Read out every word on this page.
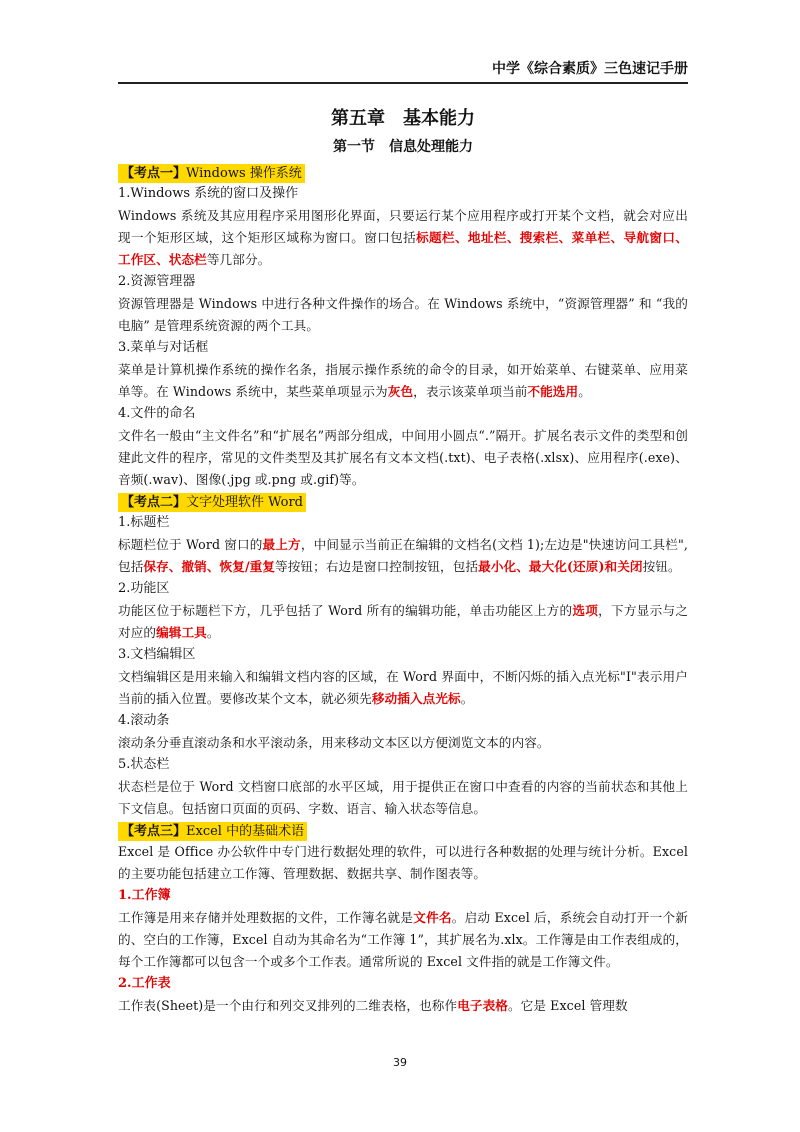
中学《综合素质》三色速记手册
第五章　基本能力
第一节　信息处理能力
【考点一】Windows 操作系统
1.Windows 系统的窗口及操作
Windows 系统及其应用程序采用图形化界面，只要运行某个应用程序或打开某个文档，就会对应出现一个矩形区域，这个矩形区域称为窗口。窗口包括标题栏、地址栏、搜索栏、菜单栏、导航窗口、工作区、状态栏等几部分。
2.资源管理器
资源管理器是 Windows 中进行各种文件操作的场合。在 Windows 系统中，“资源管理器” 和 “我的电脑” 是管理系统资源的两个工具。
3.菜单与对话框
菜单是计算机操作系统的操作名条，指展示操作系统的命令的目录，如开始菜单、右键菜单、应用菜单等。在 Windows 系统中，某些菜单项显示为灰色，表示该菜单项当前不能选用。
4.文件的命名
文件名一般由“主文件名”和“扩展名”两部分组成，中间用小圆点“.”隔开。扩展名表示文件的类型和创建此文件的程序，常见的文件类型及其扩展名有文本文档(.txt)、电子表格(.xlsx)、应用程序(.exe)、音频(.wav)、图像(.jpg 或.png 或.gif)等。
【考点二】文字处理软件 Word
1.标题栏
标题栏位于 Word 窗口的最上方，中间显示当前正在编辑的文档名(文档 1);左边是"快速访问工具栏",包括保存、撤销、恢复/重复等按钮；右边是窗口控制按钮，包括最小化、最大化(还原)和关闭按钮。
2.功能区
功能区位于标题栏下方，几乎包括了 Word 所有的编辑功能，单击功能区上方的选项，下方显示与之对应的编辑工具。
3.文档编辑区
文档编辑区是用来输入和编辑文档内容的区域，在 Word 界面中，不断闪烁的插入点光标"I"表示用户当前的插入位置。要修改某个文本，就必须先移动插入点光标。
4.滚动条
滚动条分垂直滚动条和水平滚动条，用来移动文本区以方便浏览文本的内容。
5.状态栏
状态栏是位于 Word 文档窗口底部的水平区域，用于提供正在窗口中查看的内容的当前状态和其他上下文信息。包括窗口页面的页码、字数、语言、输入状态等信息。
【考点三】Excel 中的基础术语
Excel 是 Office 办公软件中专门进行数据处理的软件，可以进行各种数据的处理与统计分析。Excel 的主要功能包括建立工作簿、管理数据、数据共享、制作图表等。
1.工作簿
工作簿是用来存储并处理数据的文件，工作簿名就是文件名。启动 Excel 后，系统会自动打开一个新的、空白的工作簿，Excel 自动为其命名为“工作簿 1”，其扩展名为.xlx。工作簿是由工作表组成的，每个工作簿都可以包含一个或多个工作表。通常所说的 Excel 文件指的就是工作簿文件。
2.工作表
工作表(Sheet)是一个由行和列交叉排列的二维表格，也称作电子表格。它是 Excel 管理数
39
